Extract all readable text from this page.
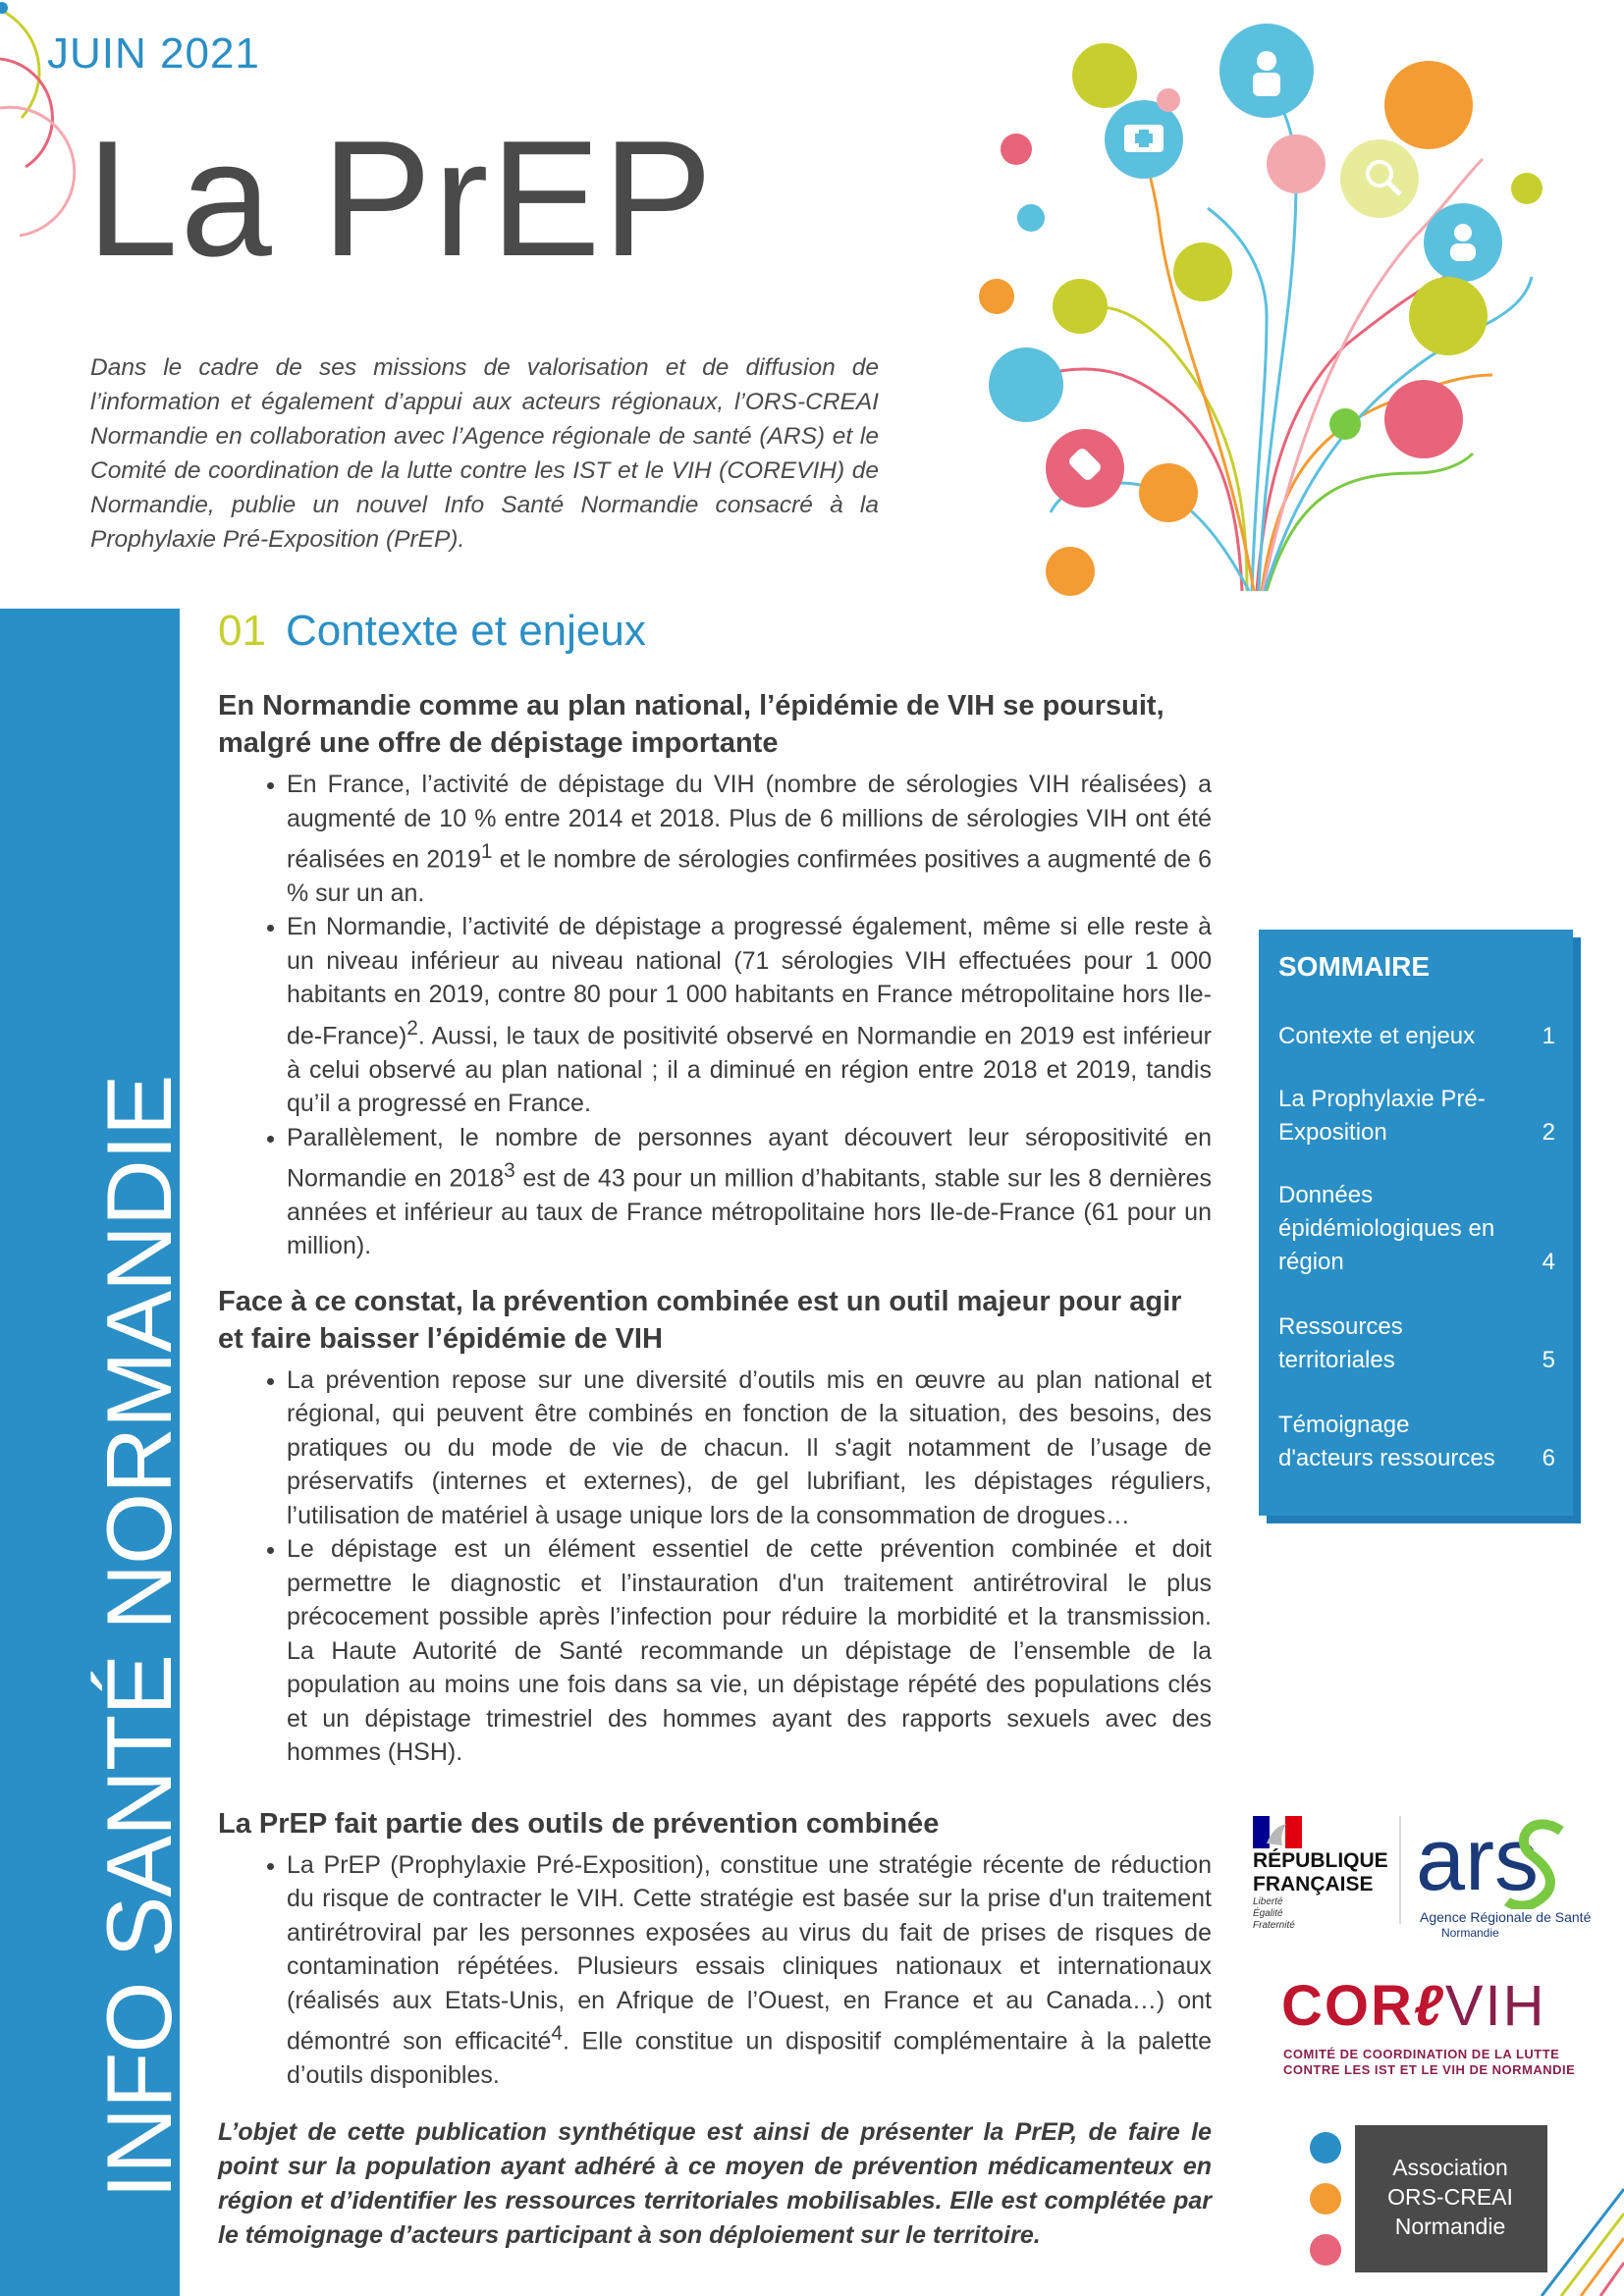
JUIN 2021
La PrEP
Dans le cadre de ses missions de valorisation et de diffusion de l’information et également d’appui aux acteurs régionaux, l’ORS-CREAI Normandie en collaboration avec l’Agence régionale de santé (ARS) et le Comité de coordination de la lutte contre les IST et le VIH (COREVIH) de Normandie, publie un nouvel Info Santé Normandie consacré à la Prophylaxie Pré-Exposition (PrEP).
INFO SANTÉ NORMANDIE
01 Contexte et enjeux
En Normandie comme au plan national, l’épidémie de VIH se poursuit, malgré une offre de dépistage importante
• En France, l’activité de dépistage du VIH (nombre de sérologies VIH réalisées) a augmenté de 10 % entre 2014 et 2018. Plus de 6 millions de sérologies VIH ont été réalisées en 2019$^1$ et le nombre de sérologies confirmées positives a augmenté de 6 % sur un an.
• En Normandie, l’activité de dépistage a progressé également, même si elle reste à un niveau inférieur au niveau national (71 sérologies VIH effectuées pour 1 000 habitants en 2019, contre 80 pour 1 000 habitants en France métropolitaine hors Ile-de-France)$^2$. Aussi, le taux de positivité observé en Normandie en 2019 est inférieur à celui observé au plan national ; il a diminué en région entre 2018 et 2019, tandis qu’il a progressé en France.
• Parallèlement, le nombre de personnes ayant découvert leur séropositivité en Normandie en 2018$^3$ est de 43 pour un million d’habitants, stable sur les 8 dernières années et inférieur au taux de France métropolitaine hors Ile-de-France (61 pour un million).
Face à ce constat, la prévention combinée est un outil majeur pour agir et faire baisser l’épidémie de VIH
• La prévention repose sur une diversité d’outils mis en œuvre au plan national et régional, qui peuvent être combinés en fonction de la situation, des besoins, des pratiques ou du mode de vie de chacun. Il s'agit notamment de l’usage de préservatifs (internes et externes), de gel lubrifiant, les dépistages réguliers, l’utilisation de matériel à usage unique lors de la consommation de drogues…
• Le dépistage est un élément essentiel de cette prévention combinée et doit permettre le diagnostic et l’instauration d'un traitement antirétroviral le plus précocement possible après l’infection pour réduire la morbidité et la transmission. La Haute Autorité de Santé recommande un dépistage de l’ensemble de la population au moins une fois dans sa vie, un dépistage répété des populations clés et un dépistage trimestriel des hommes ayant des rapports sexuels avec des hommes (HSH).
La PrEP fait partie des outils de prévention combinée
• La PrEP (Prophylaxie Pré-Exposition), constitue une stratégie récente de réduction du risque de contracter le VIH. Cette stratégie est basée sur la prise d'un traitement antirétroviral par les personnes exposées au virus du fait de prises de risques de contamination répétées. Plusieurs essais cliniques nationaux et internationaux (réalisés aux Etats-Unis, en Afrique de l’Ouest, en France et au Canada…) ont démontré son efficacité$^4$. Elle constitue un dispositif complémentaire à la palette d’outils disponibles.
L’objet de cette publication synthétique est ainsi de présenter la PrEP, de faire le point sur la population ayant adhéré à ce moyen de prévention médicamenteux en région et d’identifier les ressources territoriales mobilisables. Elle est complétée par le témoignage d’acteurs participant à son déploiement sur le territoire.
SOMMAIRE
Contexte et enjeux	1
La Prophylaxie Pré-Exposition	2
Données épidémiologiques en région	4
Ressources territoriales	5
Témoignage d'acteurs ressources	6
RÉPUBLIQUE
FRANÇAISE
Liberté
Égalité
Fraternité
ars
Agence Régionale de Santé
Normandie
CORℓVIH
COMITÉ DE COORDINATION DE LA LUTTE
CONTRE LES IST ET LE VIH DE NORMANDIE
Association
ORS-CREAI
Normandie
